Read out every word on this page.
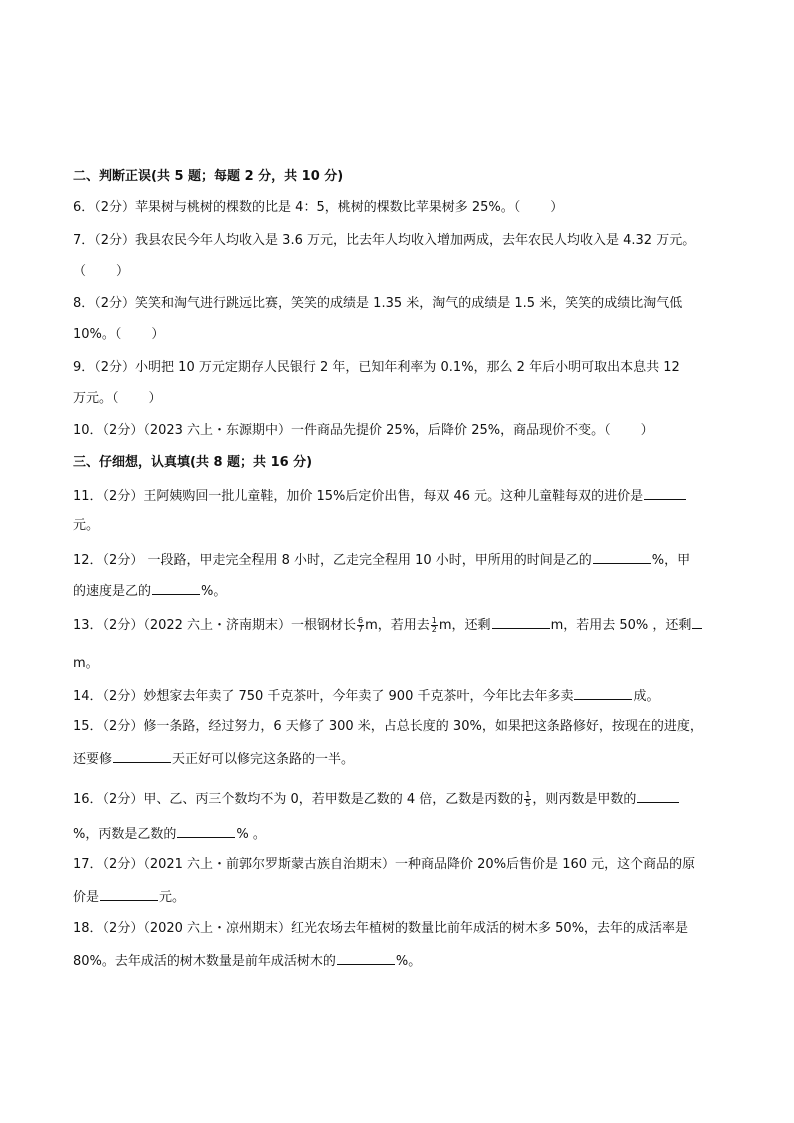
二、判断正误(共 5 题；每题 2 分，共 10 分)
6．（2分）苹果树与桃树的棵数的比是 4：5，桃树的棵数比苹果树多 25%。（ ）
7．（2分）我县农民今年人均收入是 3.6 万元，比去年人均收入增加两成，去年农民人均收入是 4.32 万元。
（ ）
8．（2分）笑笑和淘气进行跳远比赛，笑笑的成绩是 1.35 米，淘气的成绩是 1.5 米，笑笑的成绩比淘气低
10%。（ ）
9．（2分）小明把 10 万元定期存人民银行 2 年，已知年利率为 0.1%，那么 2 年后小明可取出本息共 12
万元。（ ）
10．（2分）（2023 六上・东源期中）一件商品先提价 25%，后降价 25%，商品现价不变。（ ）
三、仔细想，认真填(共 8 题；共 16 分)
11．（2分）王阿姨购回一批儿童鞋，加价 15%后定价出售，每双 46 元。这种儿童鞋每双的进价是
元。
12．（2分） 一段路，甲走完全程用 8 小时，乙走完全程用 10 小时，甲所用的时间是乙的	%，甲
的速度是乙的	%。
13．（2分）（2022 六上・济南期末）一根钢材长 $\frac{6}{7}$ m，若用去 $\frac{1}{2}$ m，还剩	m，若用去 50% ，还剩
m。
14．（2分）妙想家去年卖了 750 千克茶叶，今年卖了 900 千克茶叶，今年比去年多卖	成。
15．（2分）修一条路，经过努力，6 天修了 300 米，占总长度的 30%，如果把这条路修好，按现在的进度，
还要修	天正好可以修完这条路的一半。
16．（2分）甲、乙、丙三个数均不为 0，若甲数是乙数的 4 倍，乙数是丙数的 $\frac{1}{5}$ ，则丙数是甲数的
%，丙数是乙数的	% 。
17．（2分）（2021 六上・前郭尔罗斯蒙古族自治期末）一种商品降价 20%后售价是 160 元，这个商品的原
价是	元。
18．（2分）（2020 六上・凉州期末）红光农场去年植树的数量比前年成活的树木多 50%，去年的成活率是
80%。去年成活的树木数量是前年成活树木的	%。
